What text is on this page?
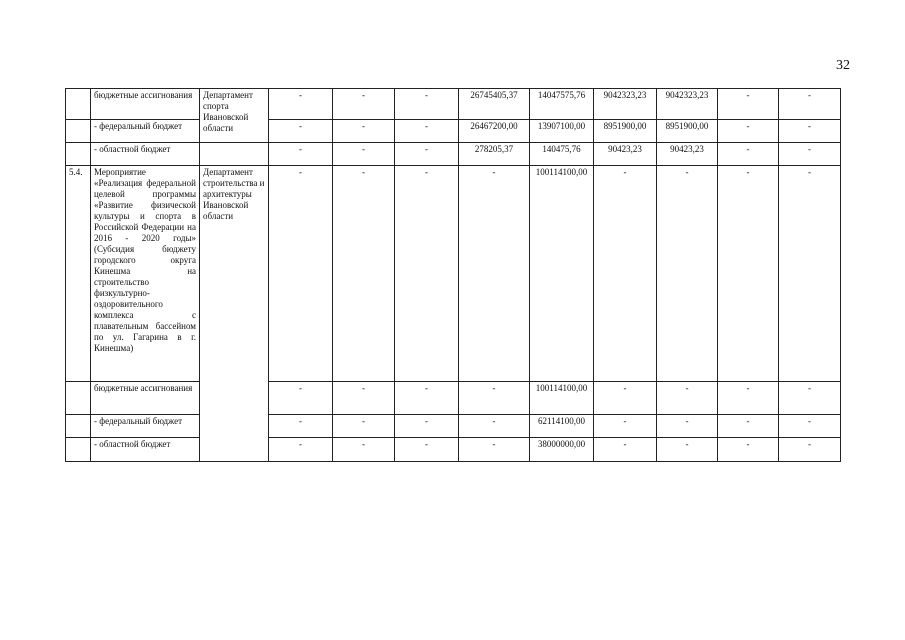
32
	бюджетные ассигнования	Департамент спорта Ивановской области	-	-	-	26745405,37	14047575,76	9042323,23	9042323,23	-	-
	- федеральный бюджет		-	-	-	26467200,00	13907100,00	8951900,00	8951900,00	-	-
	- областной бюджет		-	-	-	278205,37	140475,76	90423,23	90423,23	-	-
5.4.	Мероприятие «Реализация федеральной целевой программы «Развитие физической культуры и спорта в Российской Федерации на 2016 - 2020 годы» (Субсидия бюджету городского округа Кинешма на строительство физкультурно-оздоровительного комплекса с плавательным бассейном по ул. Гагарина в г. Кинешма)	Департамент строительства и архитектуры Ивановской области	-	-	-	-	100114100,00	-	-	-	-
	бюджетные ассигнования		-	-	-	-	100114100,00	-	-	-	-
	- федеральный бюджет		-	-	-	-	62114100,00	-	-	-	-
	- областной бюджет		-	-	-	-	38000000,00	-	-	-	-
